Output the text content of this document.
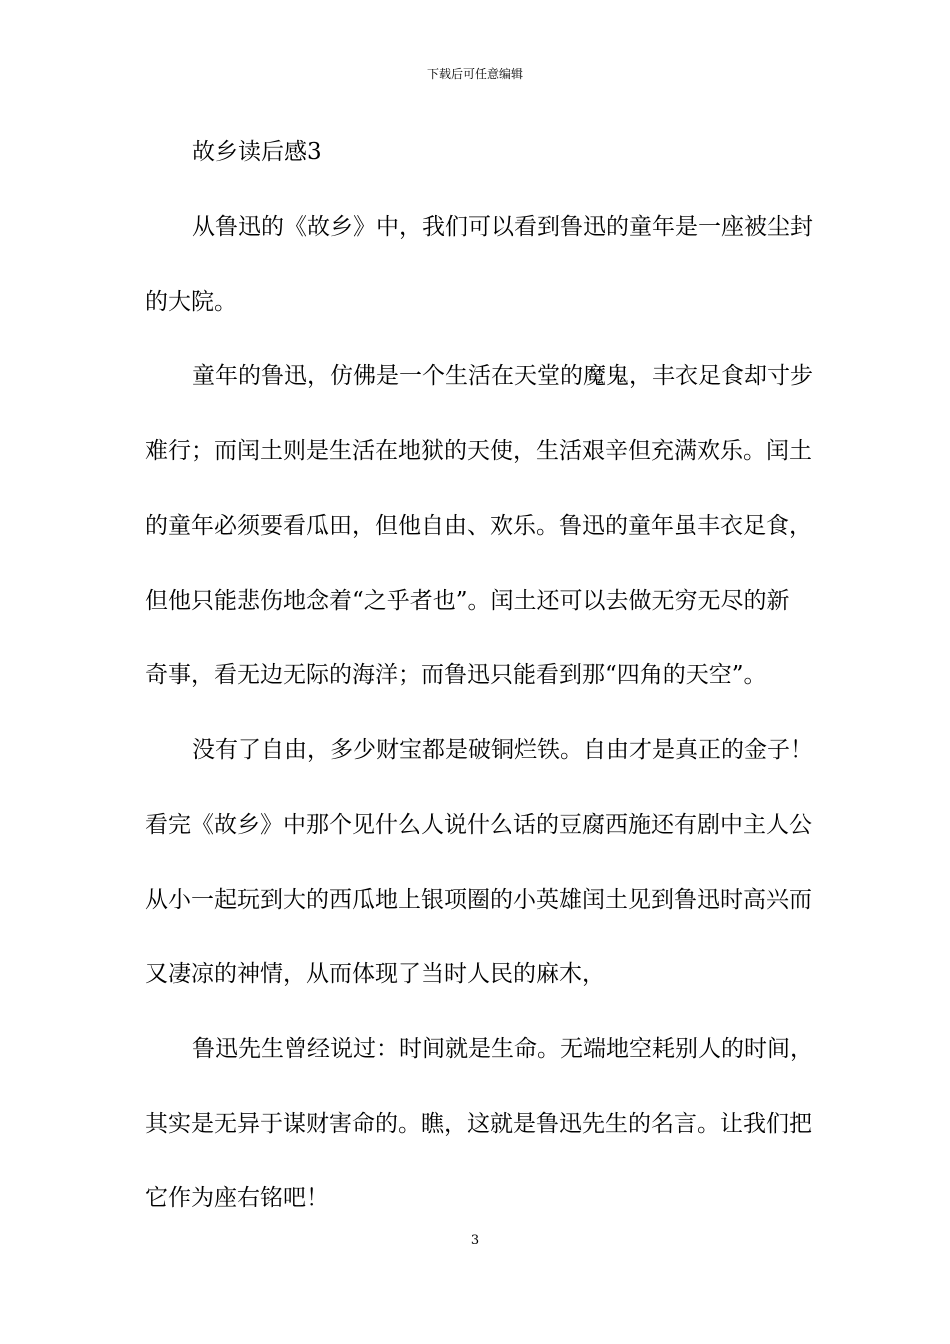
下载后可任意编辑
故乡读后感3
从鲁迅的《故乡》中，我们可以看到鲁迅的童年是一座被尘封
的大院。
童年的鲁迅，仿佛是一个生活在天堂的魔鬼，丰衣足食却寸步
难行；而闰土则是生活在地狱的天使，生活艰辛但充满欢乐。闰土
的童年必须要看瓜田，但他自由、欢乐。鲁迅的童年虽丰衣足食，
但他只能悲伤地念着“之乎者也”。闰土还可以去做无穷无尽的新
奇事，看无边无际的海洋；而鲁迅只能看到那“四角的天空”。
没有了自由，多少财宝都是破铜烂铁。自由才是真正的金子！
看完《故乡》中那个见什么人说什么话的豆腐西施还有剧中主人公
从小一起玩到大的西瓜地上银项圈的小英雄闰土见到鲁迅时高兴而
又凄凉的神情，从而体现了当时人民的麻木，
鲁迅先生曾经说过：时间就是生命。无端地空耗别人的时间，
其实是无异于谋财害命的。瞧，这就是鲁迅先生的名言。让我们把
它作为座右铭吧！
3
